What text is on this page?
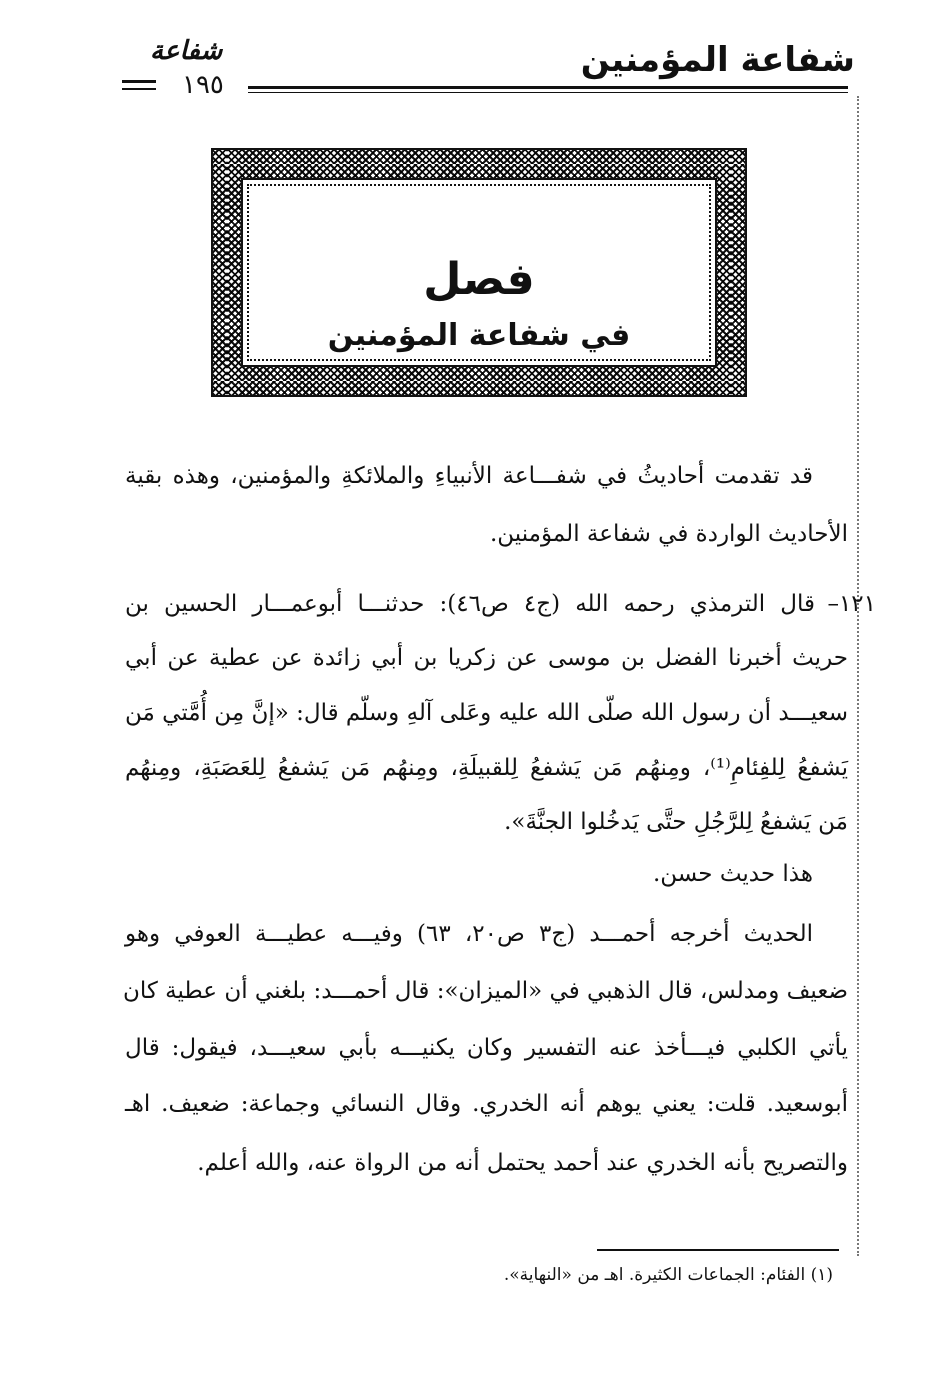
شفاعة المؤمنين
شفاعة
١٩٥
فصل
في شفاعة المؤمنين
قد تقدمت أحاديثُ في شفـــاعة الأنبياءِ والملائكةِ والمؤمنين، وهذه بقية
الأحاديث الواردة في شفاعة المؤمنين.
١٢١–
قال الترمذي رحمه الله (ج٤ ص٤٦): حدثنـــا أبوعمـــار الحسين بن
حريث أخبرنا الفضل بن موسى عن زكريا بن أبي زائدة عن عطية عن أبي
سعيـــد أن رسول الله صلّى الله عليه وعَلى آلهِ وسلّم قال: «إنَّ مِن أُمَّتي مَن
يَشفعُ لِلفِئامِ⁽¹⁾، ومِنهُم مَن يَشفعُ لِلقبيلَةِ، ومِنهُم مَن يَشفعُ لِلعَصَبَةِ، ومِنهُم
مَن يَشفعُ لِلرَّجُلِ حتَّى يَدخُلوا الجنَّةَ».
هذا حديث حسن.
الحديث أخرجه أحمـــد (ج٣ ص٢٠، ٦٣) وفيـــه عطيـــة العوفي وهو
ضعيف ومدلس، قال الذهبي في «الميزان»: قال أحمـــد: بلغني أن عطية كان
يأتي الكلبي فيـــأخذ عنه التفسير وكان يكنيـــه بأبي سعيـــد، فيقول: قال
أبوسعيد. قلت: يعني يوهم أنه الخدري. وقال النسائي وجماعة: ضعيف. اهـ
والتصريح بأنه الخدري عند أحمد يحتمل أنه من الرواة عنه، والله أعلم.
(١) الفئام: الجماعات الكثيرة. اهـ من «النهاية».
